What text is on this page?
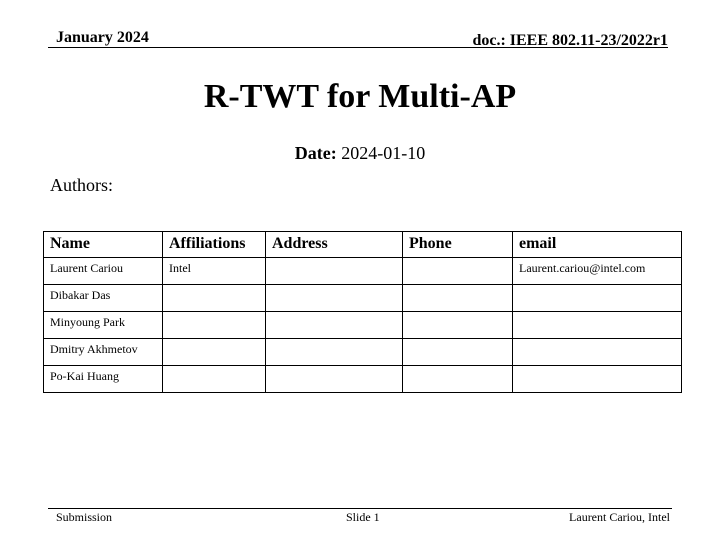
January 2024	doc.: IEEE 802.11-23/2022r1
R-TWT for Multi-AP
Date: 2024-01-10
Authors:
Name	Affiliations	Address	Phone	email
Laurent Cariou	Intel			Laurent.cariou@intel.com
Dibakar Das				
Minyoung Park				
Dmitry Akhmetov				
Po-Kai Huang				
Submission	Slide 1	Laurent Cariou, Intel
